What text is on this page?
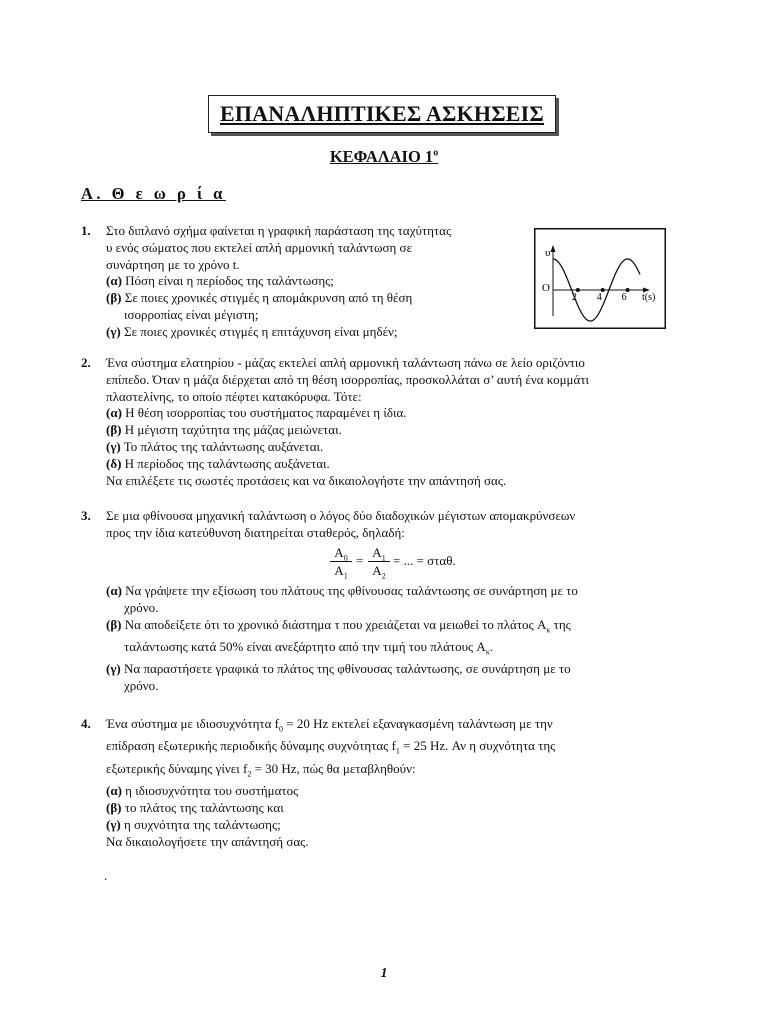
ΕΠΑΝΑΛΗΠΤΙΚΕΣ ΑΣΚΗΣΕΙΣ
ΚΕΦΑΛΑΙΟ $1^o$
Α. Θ ε ω ρ ί α
1. Στο διπλανό σχήμα φαίνεται η γραφική παράσταση της ταχύτητας
υ ενός σώματος που εκτελεί απλή αρμονική ταλάντωση σε
συνάρτηση με το χρόνο t.
(α) Πόση είναι η περίοδος της ταλάντωσης;
(β) Σε ποιες χρονικές στιγμές η απομάκρυνση από τη θέση
ισορροπίας είναι μέγιστη;
(γ) Σε ποιες χρονικές στιγμές η επιτάχυνση είναι μηδέν;
υ
O
t(s)
2 4 6
2. Ένα σύστημα ελατηρίου - μάζας εκτελεί απλή αρμονική ταλάντωση πάνω σε λείο οριζόντιο
επίπεδο. Όταν η μάζα διέρχεται από τη θέση ισορροπίας, προσκολλάται σ’ αυτή ένα κομμάτι
πλαστελίνης, το οποίο πέφτει κατακόρυφα. Τότε:
(α) Η θέση ισορροπίας του συστήματος παραμένει η ίδια.
(β) Η μέγιστη ταχύτητα της μάζας μειώνεται.
(γ) Το πλάτος της ταλάντωσης αυξάνεται.
(δ) Η περίοδος της ταλάντωσης αυξάνεται.
Να επιλέξετε τις σωστές προτάσεις και να δικαιολογήστε την απάντησή σας.
3. Σε μια φθίνουσα μηχανική ταλάντωση ο λόγος δύο διαδοχικών μέγιστων απομακρύνσεων
προς την ίδια κατεύθυνση διατηρείται σταθερός, δηλαδή:
$\frac{A_0}{A_1} = \frac{A_1}{A_2}$ = ... = σταθ.
(α) Να γράψετε την εξίσωση του πλάτους της φθίνουσας ταλάντωσης σε συνάρτηση με το
χρόνο.
(β) Να αποδείξετε ότι το χρονικό διάστημα τ που χρειάζεται να μειωθεί το πλάτος $A_\kappa$ της
ταλάντωσης κατά 50% είναι ανεξάρτητο από την τιμή του πλάτους $A_\kappa$.
(γ) Να παραστήσετε γραφικά το πλάτος της φθίνουσας ταλάντωσης, σε συνάρτηση με το
χρόνο.
4. Ένα σύστημα με ιδιοσυχνότητα $f_0 = 20$ Hz εκτελεί εξαναγκασμένη ταλάντωση με την
επίδραση εξωτερικής περιοδικής δύναμης συχνότητας $f_1 = 25$ Hz. Αν η συχνότητα της
εξωτερικής δύναμης γίνει $f_2 = 30$ Hz, πώς θα μεταβληθούν:
(α) η ιδιοσυχνότητα του συστήματος
(β) το πλάτος της ταλάντωσης και
(γ) η συχνότητα της ταλάντωσης;
Να δικαιολογήσετε την απάντησή σας.
.
1
